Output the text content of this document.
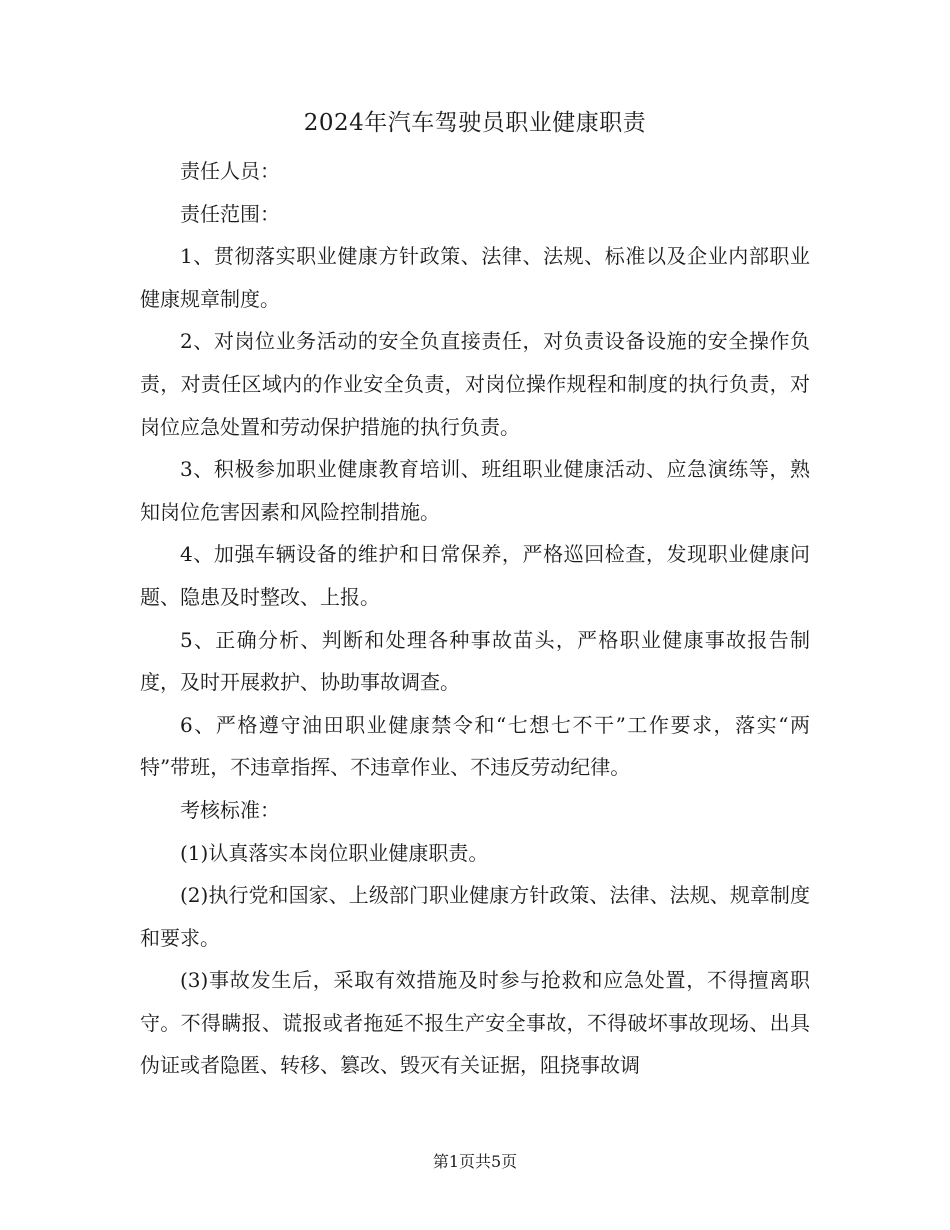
2024年汽车驾驶员职业健康职责

责任人员：

责任范围：

1、贯彻落实职业健康方针政策、法律、法规、标准以及企业内部职业健康规章制度。

2、对岗位业务活动的安全负直接责任，对负责设备设施的安全操作负责，对责任区域内的作业安全负责，对岗位操作规程和制度的执行负责，对岗位应急处置和劳动保护措施的执行负责。

3、积极参加职业健康教育培训、班组职业健康活动、应急演练等，熟知岗位危害因素和风险控制措施。

4、加强车辆设备的维护和日常保养，严格巡回检查，发现职业健康问题、隐患及时整改、上报。

5、正确分析、判断和处理各种事故苗头，严格职业健康事故报告制度，及时开展救护、协助事故调查。

6、严格遵守油田职业健康禁令和“七想七不干”工作要求，落实“两特”带班，不违章指挥、不违章作业、不违反劳动纪律。

考核标准：

(1)认真落实本岗位职业健康职责。

(2)执行党和国家、上级部门职业健康方针政策、法律、法规、规章制度和要求。

(3)事故发生后，采取有效措施及时参与抢救和应急处置，不得擅离职守。不得瞒报、谎报或者拖延不报生产安全事故，不得破坏事故现场、出具伪证或者隐匿、转移、篡改、毁灭有关证据，阻挠事故调

第1页共5页
